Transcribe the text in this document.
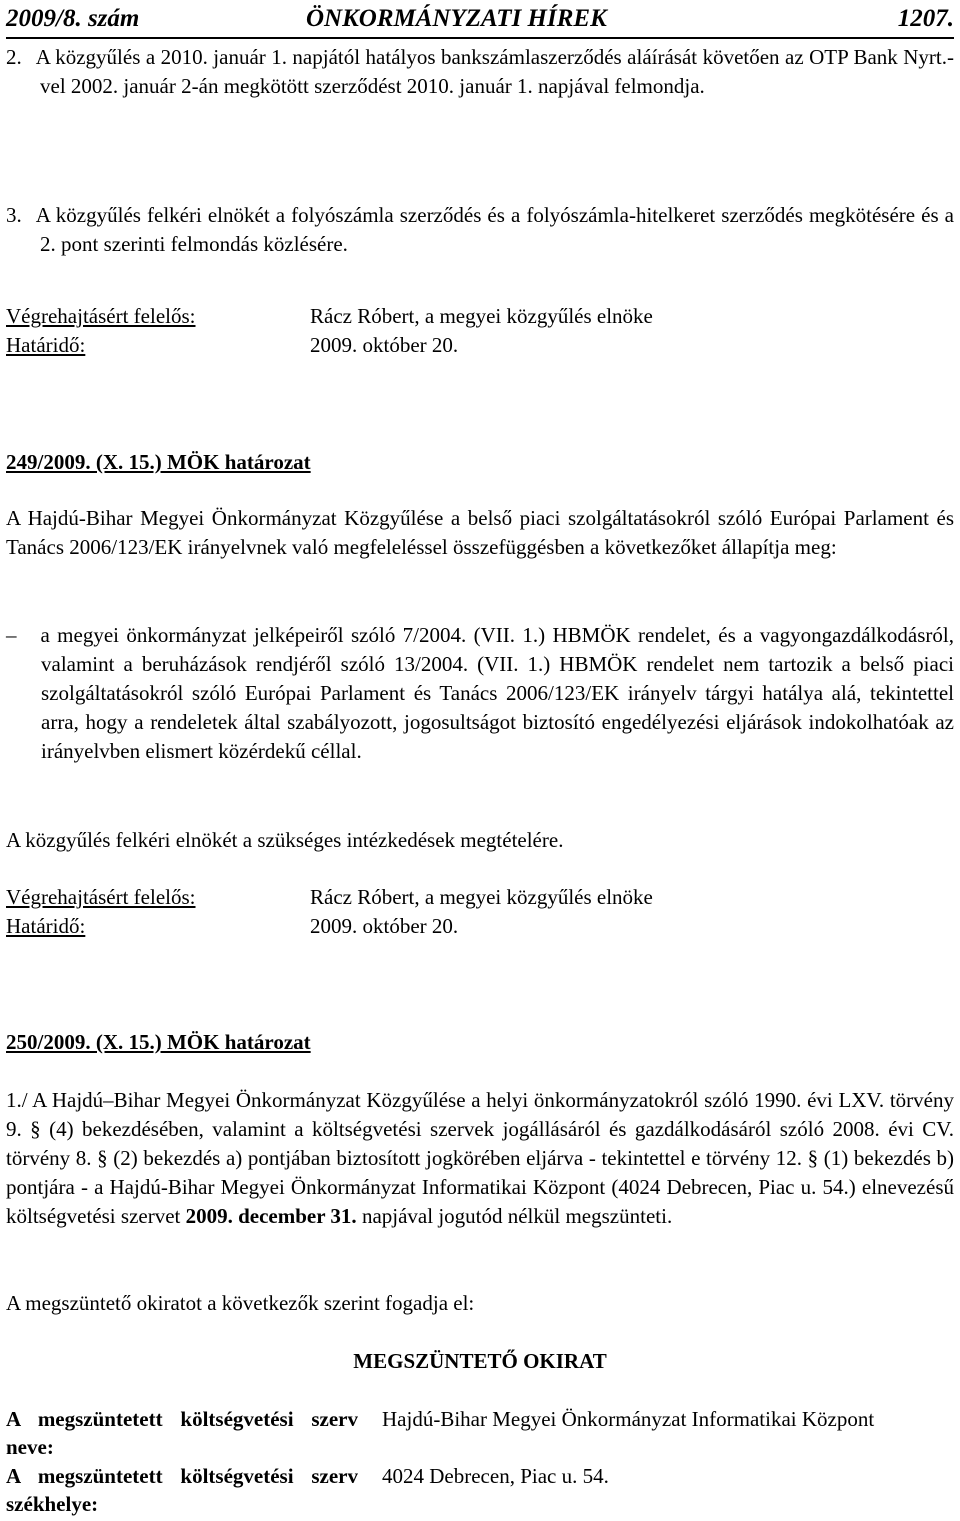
2009/8. szám	ÖNKORMÁNYZATI HÍREK	1207.
2. A közgyűlés a 2010. január 1. napjától hatályos bankszámlaszerződés aláírását követően az OTP Bank Nyrt.-vel 2002. január 2-án megkötött szerződést 2010. január 1. napjával felmondja.
3. A közgyűlés felkéri elnökét a folyószámla szerződés és a folyószámla-hitelkeret szerződés megkötésére és a 2. pont szerinti felmondás közlésére.
Végrehajtásért felelős:	Rácz Róbert, a megyei közgyűlés elnöke
Határidő:	2009. október 20.
249/2009. (X. 15.) MÖK határozat
A Hajdú-Bihar Megyei Önkormányzat Közgyűlése a belső piaci szolgáltatásokról szóló Európai Parlament és Tanács 2006/123/EK irányelvnek való megfeleléssel összefüggésben a következőket állapítja meg:
– a megyei önkormányzat jelképeiről szóló 7/2004. (VII. 1.) HBMÖK rendelet, és a vagyongazdálkodásról, valamint a beruházások rendjéről szóló 13/2004. (VII. 1.) HBMÖK rendelet nem tartozik a belső piaci szolgáltatásokról szóló Európai Parlament és Tanács 2006/123/EK irányelv tárgyi hatálya alá, tekintettel arra, hogy a rendeletek által szabályozott, jogosultságot biztosító engedélyezési eljárások indokolhatóak az irányelvben elismert közérdekű céllal.
A közgyűlés felkéri elnökét a szükséges intézkedések megtételére.
Végrehajtásért felelős:	Rácz Róbert, a megyei közgyűlés elnöke
Határidő:	2009. október 20.
250/2009. (X. 15.) MÖK határozat
1./ A Hajdú–Bihar Megyei Önkormányzat Közgyűlése a helyi önkormányzatokról szóló 1990. évi LXV. törvény 9. § (4) bekezdésében, valamint a költségvetési szervek jogállásáról és gazdálkodásáról szóló 2008. évi CV. törvény 8. § (2) bekezdés a) pontjában biztosított jogkörében eljárva - tekintettel e törvény 12. § (1) bekezdés b) pontjára - a Hajdú-Bihar Megyei Önkormányzat Informatikai Központ (4024 Debrecen, Piac u. 54.) elnevezésű költségvetési szervet 2009. december 31. napjával jogutód nélkül megszünteti.
A megszüntető okiratot a következők szerint fogadja el:
MEGSZÜNTETŐ OKIRAT
A megszüntetett költségvetési szerv neve:
Hajdú-Bihar Megyei Önkormányzat Informatikai Központ
A megszüntetett költségvetési szerv székhelye:
4024 Debrecen, Piac u. 54.
